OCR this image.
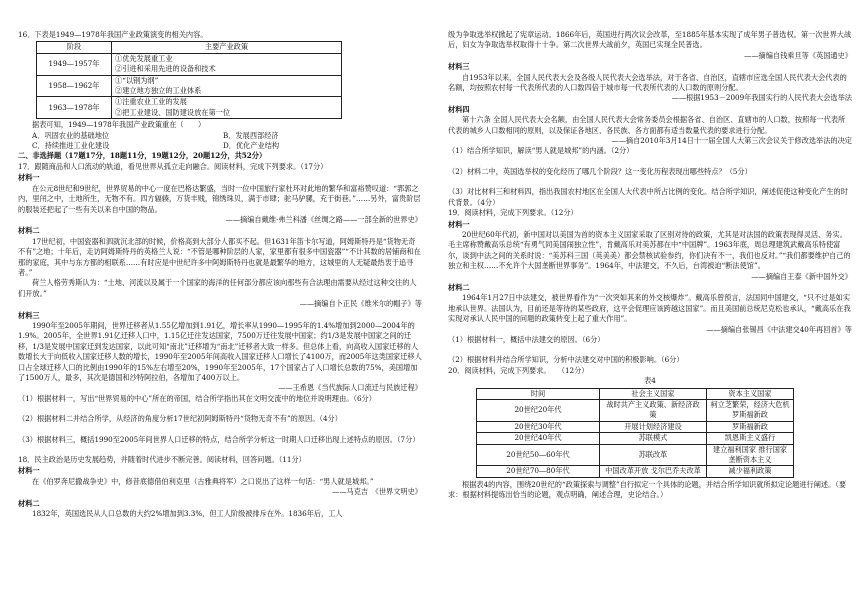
16．下表是1949—1978年我国产业政策演变的相关内容。

阶段	主要产业政策
1949—1957年	①优先发展重工业

②引进和采用先进的设备和技术

1958—1962年	①“以钢为纲”

②建立地方独立的工业体系

1963—1978年	①注重农业工业的发展

②把工业建设、国防建设放在第一位

据表可知，1949—1978年我国产业政策重在（　　）

A．巩固农业的基础地位	B．发展西部经济

C．持续推进工业化建设	D．优化产业结构

二、非选择题（17题17分，18题11分，19题12分，20题12分，共52分）

17．跟随商品和人口流动的轨道，看见世界从孤立走向融合。阅读材料，完成下列要求。（17分）

材料一

在公元8世纪和9世纪，世界贸易的中心一度在巴格达繁盛，当时一位中国旅行家杜环对此地的繁华和富裕赞叹道：“郛郭之内，里闬之中，土地所生，无物不有。四方辐辏，万货丰贱，锦绣珠贝，满于市肆；驼马驴骡，充于街巷。”……另外，富贵阶层的服装还把起了一些有关以来自中国的物品。

——摘编自戴维·弗兰科潘《丝绸之路——一部全新的世界史》

材料二

17世纪初，中国瓷器和泗就沉北部的时候，价格高到大部分人都买不起。但1631年笛卡尔写道，阿姆斯特丹是“货物无奇不有”之地；十年后，走访阿姆斯特丹的英格兰人说：“不管是哪种阶层的人家，家里都有很多中国瓷器”“不计其数的居铺商和在那的家庭，其中与东方都的相联系……有时应是中世纪许多中阿姆斯特丹也就是最繁华的地方，这城里的人无疑最热衷于追寻者。”

荷兰人格劳秀斯认为：“土地、河流以及属于一个国家的海洋的任何部分都应该向那些有合法理由需要从经过这种交往的人们开放。”

——摘编自卜正民《维米尔的帽子》等

材料三

1990年至2005年期间，世界迁移者从1.55亿增加到1.91亿，增长率从1990—1995年的1.4%增加到2000—2004年的1.9%。2005年，全世界1.91亿迁移人口中，1.15亿迁往发达国家，7500万迁往发展中国家；约1/3是发展中国家之间的迁移，1/3是发展中国家迁到发达国家，以此可知“南北”迁移增为“南北”迁移者大致一样多。但总体上看，向高收入国家迁移的人数增长大于向低收入国家迁移人数的增长，1990年至2005年间高收入国家迁移人口增长了4100万，而2005年这类国家迁移人口占全球迁移人口的比例由1990年的15%左右增至20%，1990年至2005年，17个国家占了人口增长总数的75%，美国增加了1500万人，最多，其次是德国和沙特阿拉伯，各增加了400万以上。

——王希恩《当代族际人口流迁与民族迁程》

（1）根据材料一，写出“世界贸易的中心”所在的帝国，结合所学指出其在文明交流中的地位并说明理由。（6分）

（2）根据材料二并结合所学，从经济的角度分析17世纪初阿姆斯特丹“货物无奇不有”的原因。（4分）

（3）根据材料三，概括1990至2005年间世界人口迁移的特点，结合所学分析这一时期人口迁移出现上述特点的原因。（7分）

18．民主政治是历史发展趋势，并随着时代进步不断完善。阅读材料，回答问题。（11分）

材料一

在《伯罗奔尼撒战争史》中，修昔底德借伯利克里（古雅典将军）之口说出了这样一句话：“男人就是城邦。”

——马克吉　《世界文明史》

材料二

1832年，英国选民从人口总数的大约2%增加到3.3%，但工人阶级被排斥在外。1836年后，工人

级为争取选举权掀起了宪章运动。1866年后，英国进行两次议会改革，至1885年基本实现了成年男子普选权。第一次世界大战后，妇女为争取选举权取得十十争。第二次世界大战前夕，英国已实现全民普选。

——摘编自钱乘旦等《英国通史》

材料三

自1953年以来，全国人民代表大会及各级人民代表大会选举法，对于各省、自治区，直辖市应选全国人民代表大会代表的名额，均按照农村每一代表所代表的人口数四倍于城市每一代表所代表的人口数的原则分配。

——根据1953－2009年我国实行的人民代表大会选举法

材料四

第十六条 全国人民代表大会名额，由全国人民代表大会常务委员会根据各省、自治区、直辖市的人口数，按照每一代表所代表的城乡人口数相同的原则，以及保证各地区、各民族、各方面都有适当数量代表的要求进行分配。

——摘自2010年3月14日十一届全国人大第三次会议关于修改选举法的决定

（1）结合所学知识，解读“男人就是城邦”的内涵。（2分）

（2）材料二中，英国选举权的变化经历了哪几个阶段？这一变化历程表现出哪些特点？（5分）

（3）对比材料三和材料四，指出我国农村地区在全国人大代表中所占比例的变化。结合所学知识，阐述促使这种变化产生的时代背景。（4分）

19．阅读材料，完成下列要求。（12分）

材料一

20世纪60年代初，新中国对以美国为首的资本主义国家采取了区别对待的政策，尤其是对法国的政策表现得灵活、务实。毛主席称赞戴高乐总统“有勇气同美国闹独立性”，肯戴高乐对美苏都在中“中国牌”。1963年底，周总理建筑武戴高乐特使富尔，谈到中法之间的关系时说：“美苏科三国（英美美）都会禁核试验参约，你们决有不一，我们也反对。”“我们都要维护自己的独立和主权……不允许个大国垄断世界事务”。1964年，中法建交，不久后，台湾被迫“断法使馆”。

——摘编自王泰《新中国外交》

材料二

1964年1月27日中法建交，被世界看作为“一次突如其来的外交核爆炸”。戴高乐曾预言，法国同中国建交，“只不过是如实地承认世界。法国认为，目前还是等待的某些政府，这平会促理应该跨越这国家”。而且美国前总统尼克松也承认，“戴高乐在我实现对承认人民中国的问题的政策转变上起了重大作用”。

——摘编自张锡昌《中法建交40年再回首》等

（1）根据材料一，概括中法建交的原因。（6分）

（2）根据材料并结合所学知识，分析中法建交对中国的积极影响。（6分）

20．阅读材料，完成下列要求。　　（12分）

表4

时间	社会主义国家	资本主义国家
20世纪20年代	战时共产主义政策、新经济政策	柯立芝繁荣，经济大危机 罗斯福新政
20世纪30年代	开展计划经济建设	罗斯福新政
20世纪40年代	苏联模式	凯恩斯主义盛行
20世纪50—60年代	苏联改革	建立福利国家 推行国家垄断资本主义
20世纪70—80年代	中国改革开放 戈尔巴乔夫改革	减少福利政策

根据表4的内容，围绕20世纪的“政策探索与调整”自行拟定一个具体的论题，并结合所学知识就所拟定论题进行阐述。（要求：根据材料提炼出恰当的论题，观点明确，阐述合理，史论结合。）
